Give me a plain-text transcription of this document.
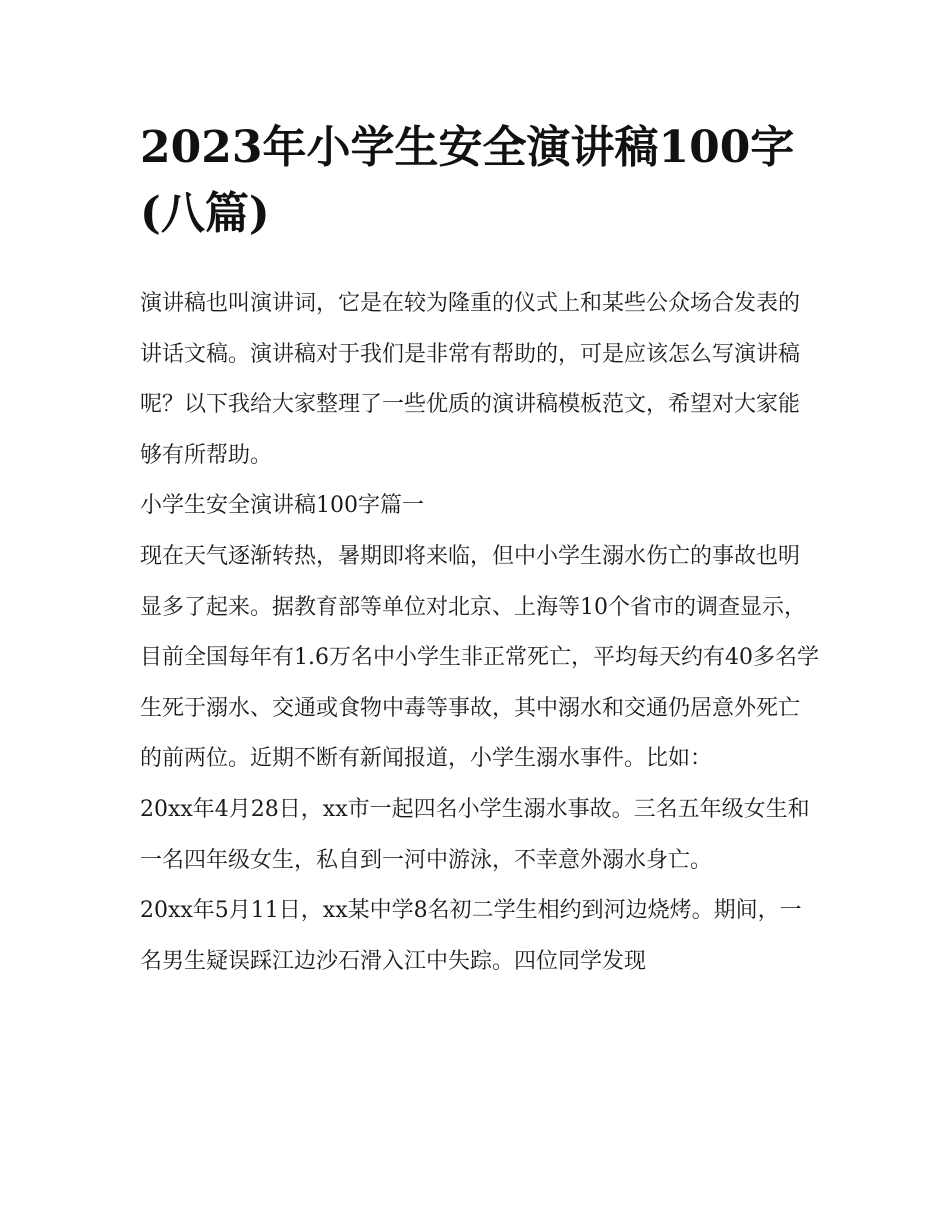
2023年小学生安全演讲稿100字(八篇)

演讲稿也叫演讲词，它是在较为隆重的仪式上和某些公众场合发表的讲话文稿。演讲稿对于我们是非常有帮助的，可是应该怎么写演讲稿呢？以下我给大家整理了一些优质的演讲稿模板范文，希望对大家能够有所帮助。

小学生安全演讲稿100字篇一

现在天气逐渐转热，暑期即将来临，但中小学生溺水伤亡的事故也明显多了起来。据教育部等单位对北京、上海等10个省市的调查显示，目前全国每年有1.6万名中小学生非正常死亡，平均每天约有40多名学生死于溺水、交通或食物中毒等事故，其中溺水和交通仍居意外死亡的前两位。近期不断有新闻报道，小学生溺水事件。比如：

20xx年4月28日，xx市一起四名小学生溺水事故。三名五年级女生和一名四年级女生，私自到一河中游泳，不幸意外溺水身亡。

20xx年5月11日，xx某中学8名初二学生相约到河边烧烤。期间，一名男生疑误踩江边沙石滑入江中失踪。四位同学发现
